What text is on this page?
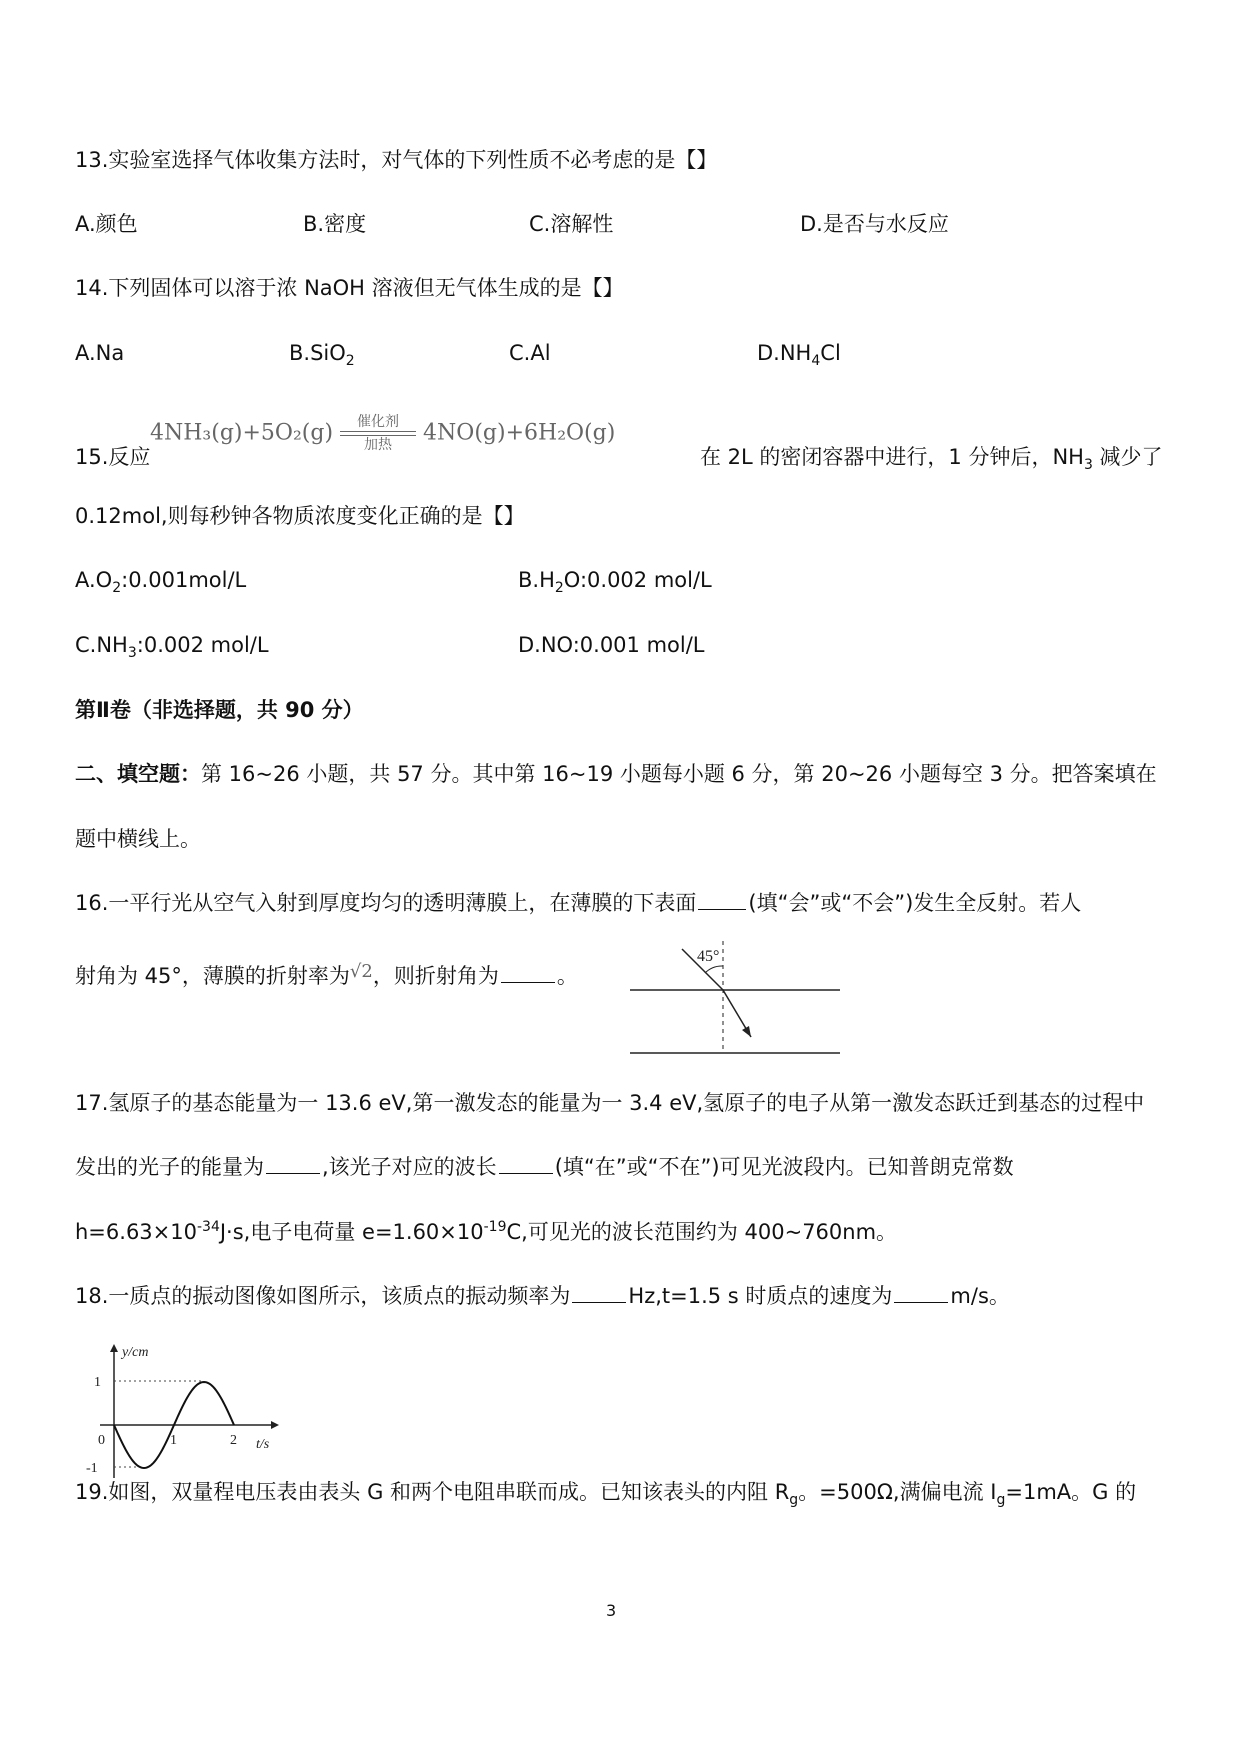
13.实验室选择气体收集方法时，对气体的下列性质不必考虑的是【】
A.颜色	B.密度	C.溶解性	D.是否与水反应
14.下列固体可以溶于浓 NaOH 溶液但无气体生成的是【】
A.Na	B.SiO$_2$	C.Al	$D.NH_4Cl$
15.反应
4NH₃(g)+5O₂(g)	催化剂
加热	4NO(g)+6H₂O(g)
在 2L 的密闭容器中进行，1 分钟后，$NH_3$ 减少了
0.12mol,则每秒钟各物质浓度变化正确的是【】
$A.O_2:0.001mol/L$	$B.H_2O:0.002$ mol/L
$C.NH_3:0.002$ mol/L	D.NO:0.001 mol/L
第Ⅱ卷（非选择题，共 90 分）
二、填空题：第 16~26 小题，共 57 分。其中第 16~19 小题每小题 6 分，第 20~26 小题每空 3 分。把答案填在
题中横线上。
16.一平行光从空气入射到厚度均匀的透明薄膜上，在薄膜的下表面 (填“会”或“不会”)发生全反射。若人
射角为 45°，薄膜的折射率为√2，则折射角为	。
45°
17.氢原子的基态能量为一 13.6 eV,第一激发态的能量为一 3.4 eV,氢原子的电子从第一激发态跃迁到基态的过程中
发出的光子的能量为	,该光子对应的波长	(填“在”或“不在”)可见光波段内。已知普朗克常数
$h=6.63\times 10^{-34}J\cdot s$,电子电荷量 $e=1.60\times 10^{-19}C$,可见光的波长范围约为 400~760nm。
18.一质点的振动图像如图所示，该质点的振动频率为	Hz,t=1.5 s 时质点的速度为	m/s。
y/cm
t/s
0	1	2
1
-1
19.如图，双量程电压表由表头 G 和两个电阻串联而成。已知该表头的内阻 $R_g$。=500Ω,满偏电流 $I_g=1mA$。G 的
3
